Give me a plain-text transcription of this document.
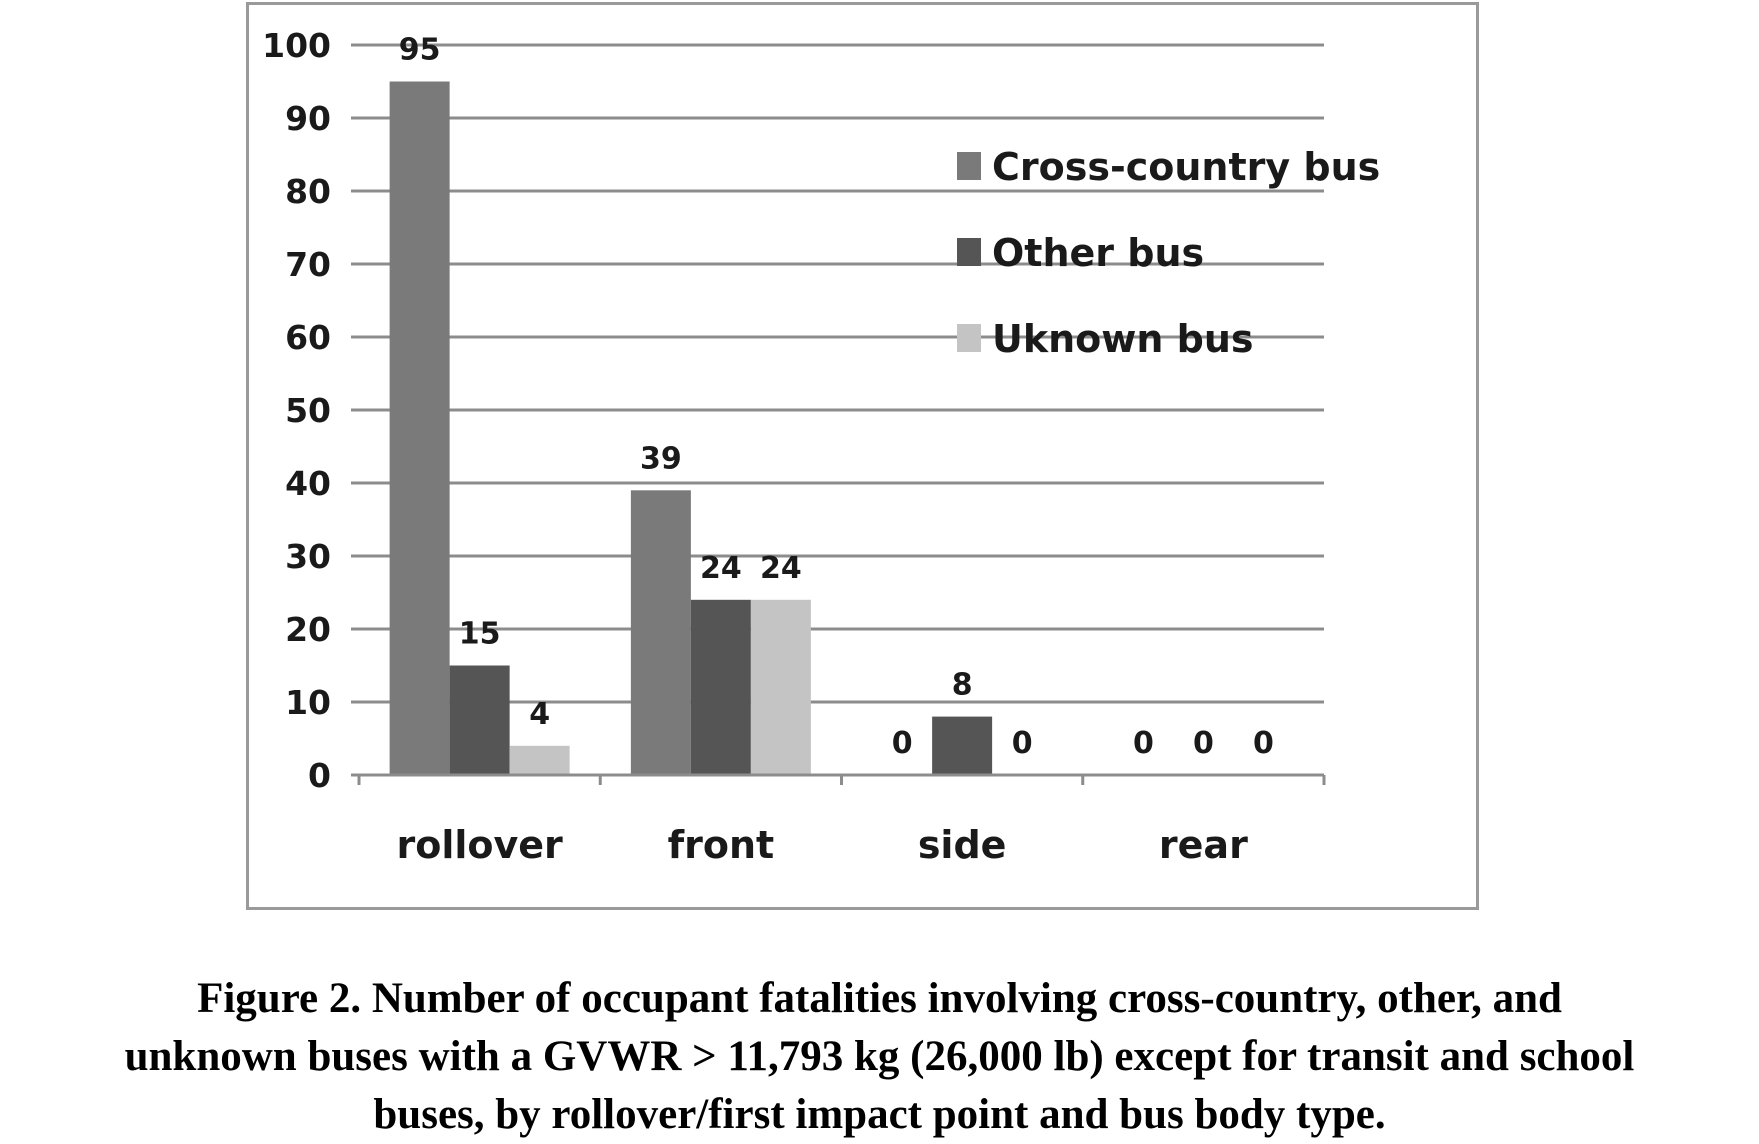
0
10
20
30
40
50
60
70
80
90
100 95
15
4
39
24 24
0
8
0	0 0 0
rollover	front	side	rear
Cross-country bus
Other bus
Uknown bus
Figure 2. Number of occupant fatalities involving cross-country, other, and
unknown buses with a GVWR > 11,793 kg (26,000 lb) except for transit and school
buses, by rollover/first impact point and bus body type.
